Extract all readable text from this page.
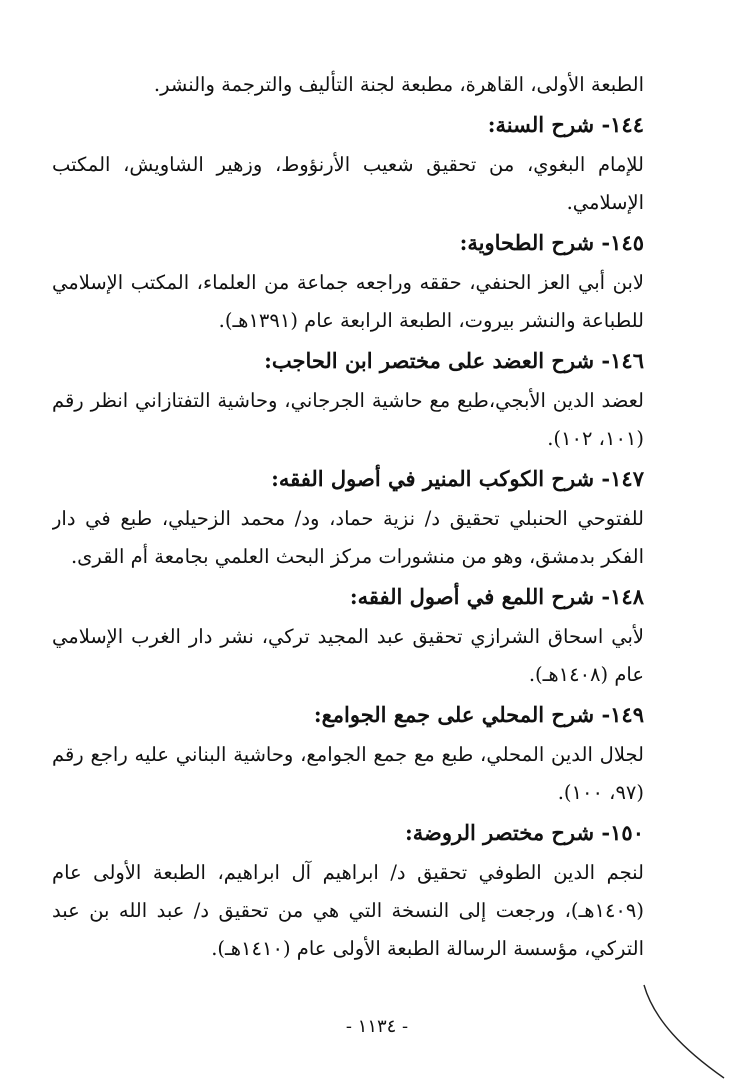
الطبعة الأولى، القاهرة، مطبعة لجنة التأليف والترجمة والنشر.
١٤٤- شرح السنة:
للإمام البغوي، من تحقيق شعيب الأرنؤوط، وزهير الشاويش، المكتب
الإسلامي.
١٤٥- شرح الطحاوية:
لابن أبي العز الحنفي، حققه وراجعه جماعة من العلماء، المكتب الإسلامي
للطباعة والنشر بيروت، الطبعة الرابعة عام (١٣٩١هـ).
١٤٦- شرح العضد على مختصر ابن الحاجب:
لعضد الدين الأبجي،طبع مع حاشية الجرجاني، وحاشية التفتازاني انظر رقم
(١٠١، ١٠٢).
١٤٧- شرح الكوكب المنير في أصول الفقه:
للفتوحي الحنبلي تحقيق د/ نزية حماد، ود/ محمد الزحيلي، طبع في دار
الفكر بدمشق، وهو من منشورات مركز البحث العلمي بجامعة أم القرى.
١٤٨- شرح اللمع في أصول الفقه:
لأبي اسحاق الشرازي تحقيق عبد المجيد تركي، نشر دار الغرب الإسلامي
عام (١٤٠٨هـ).
١٤٩- شرح المحلي على جمع الجوامع:
لجلال الدين المحلي، طبع مع جمع الجوامع، وحاشية البناني عليه راجع رقم
(٩٧، ١٠٠).
١٥٠- شرح مختصر الروضة:
لنجم الدين الطوفي تحقيق د/ ابراهيم آل ابراهيم، الطبعة الأولى عام
(١٤٠٩هـ)، ورجعت إلى النسخة التي هي من تحقيق د/ عبد الله بن عبد
التركي، مؤسسة الرسالة الطبعة الأولى عام (١٤١٠هـ).
- ١١٣٤ -
